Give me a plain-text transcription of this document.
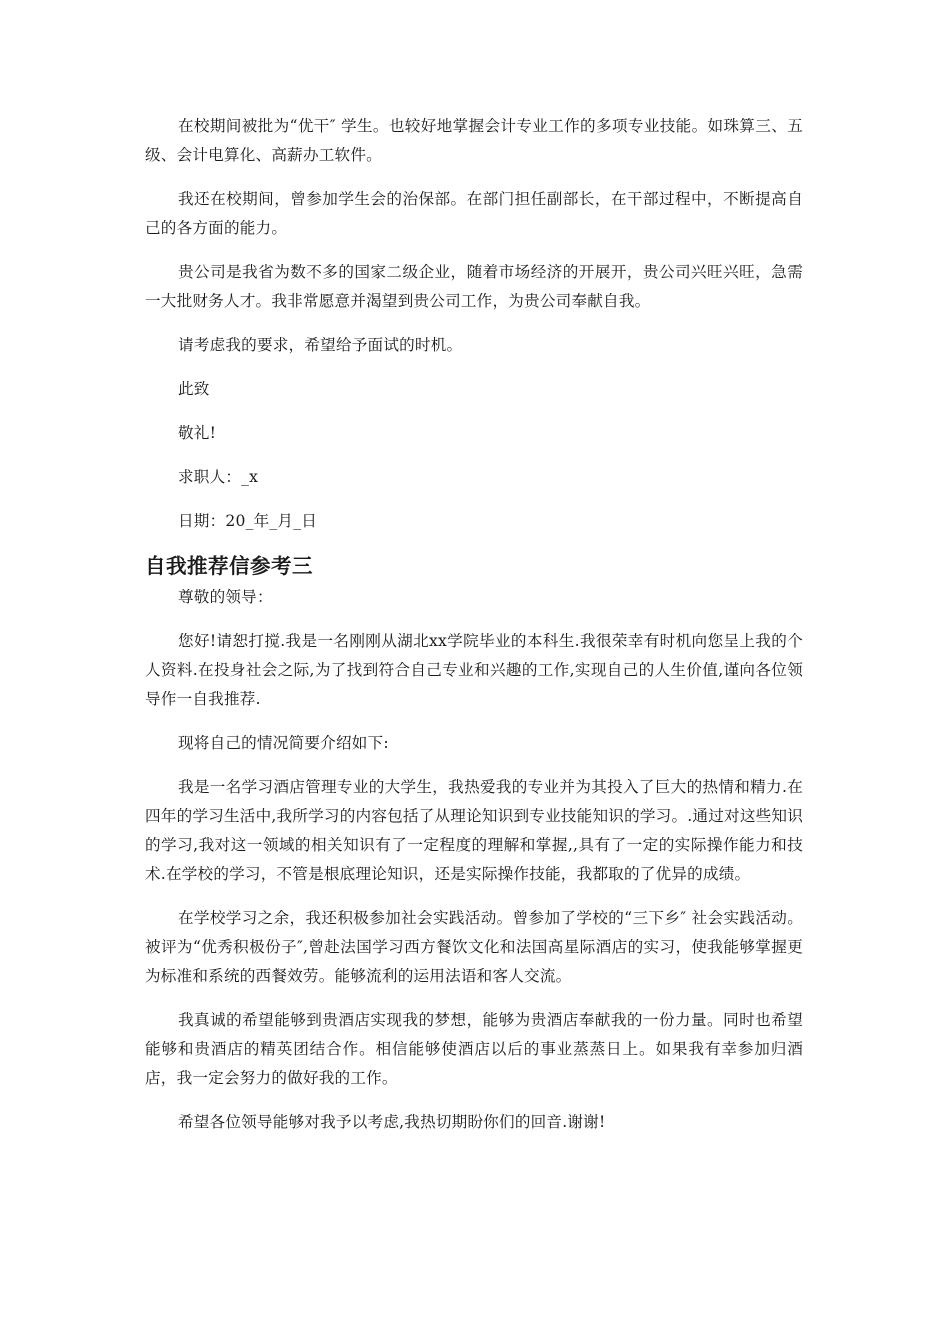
在校期间被批为“优干″ 学生。也较好地掌握会计专业工作的多项专业技能。如珠算三、五级、会计电算化、高薪办工软件。

我还在校期间，曾参加学生会的治保部。在部门担任副部长，在干部过程中，不断提高自己的各方面的能力。

贵公司是我省为数不多的国家二级企业，随着市场经济的开展开，贵公司兴旺兴旺，急需一大批财务人才。我非常愿意并渴望到贵公司工作，为贵公司奉献自我。

请考虑我的要求，希望给予面试的时机。

此致

敬礼!

求职人：_x

日期：20_年_月_日

自我推荐信参考三

尊敬的领导：

您好!请恕打搅.我是一名刚刚从湖北xx学院毕业的本科生.我很荣幸有时机向您呈上我的个人资料.在投身社会之际,为了找到符合自己专业和兴趣的工作,实现自己的人生价值,谨向各位领导作一自我推荐.

现将自己的情况简要介绍如下:

我是一名学习酒店管理专业的大学生，我热爱我的专业并为其投入了巨大的热情和精力.在四年的学习生活中,我所学习的内容包括了从理论知识到专业技能知识的学习。.通过对这些知识的学习,我对这一领域的相关知识有了一定程度的理解和掌握,,具有了一定的实际操作能力和技术.在学校的学习，不管是根底理论知识，还是实际操作技能，我都取的了优异的成绩。

在学校学习之余，我还积极参加社会实践活动。曾参加了学校的“三下乡″ 社会实践活动。被评为“优秀积极份子″,曾赴法国学习西方餐饮文化和法国高星际酒店的实习，使我能够掌握更为标准和系统的西餐效劳。能够流利的运用法语和客人交流。

我真诚的希望能够到贵酒店实现我的梦想，能够为贵酒店奉献我的一份力量。同时也希望能够和贵酒店的精英团结合作。相信能够使酒店以后的事业蒸蒸日上。如果我有幸参加归酒店，我一定会努力的做好我的工作。

希望各位领导能够对我予以考虑,我热切期盼你们的回音.谢谢!
